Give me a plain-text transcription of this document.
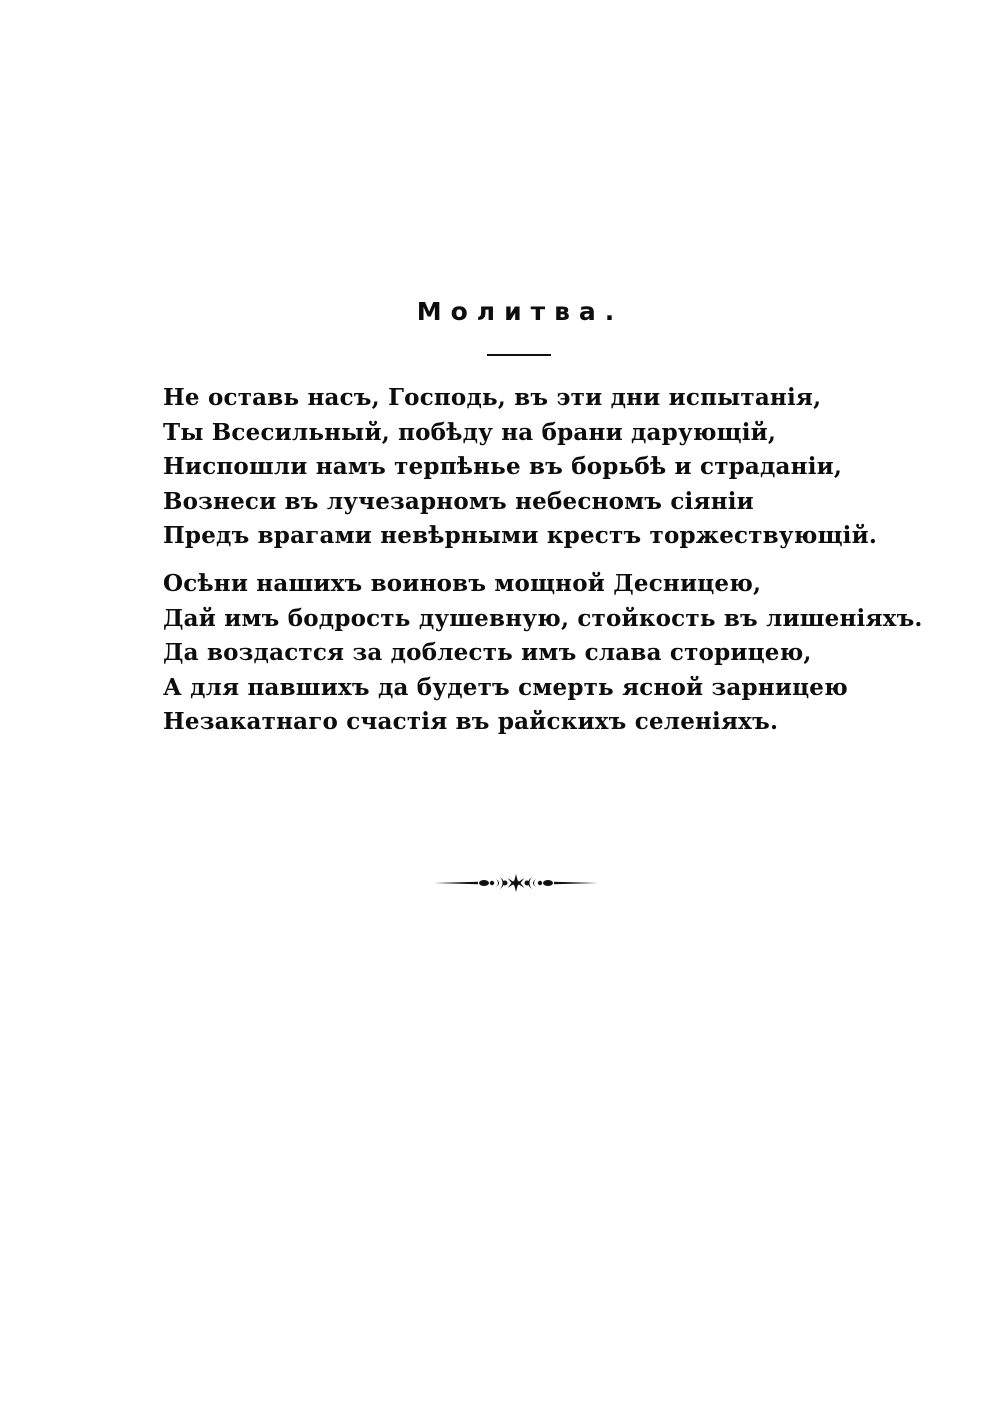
Молитва.
Не оставь насъ, Господь, въ эти дни испытанія,
Ты Всесильный, побѣду на брани дарующій,
Ниспошли намъ терпѣнье въ борьбѣ и страданіи,
Вознеси въ лучезарномъ небесномъ сіяніи
Предъ врагами невѣрными крестъ торжествующій.
Осѣни нашихъ воиновъ мощной Десницею,
Дай имъ бодрость душевную, стойкость въ лишеніяхъ.
Да воздастся за доблесть имъ слава сторицею,
А для павшихъ да будетъ смерть ясной зарницею
Незакатнаго счастія въ райскихъ селеніяхъ.
